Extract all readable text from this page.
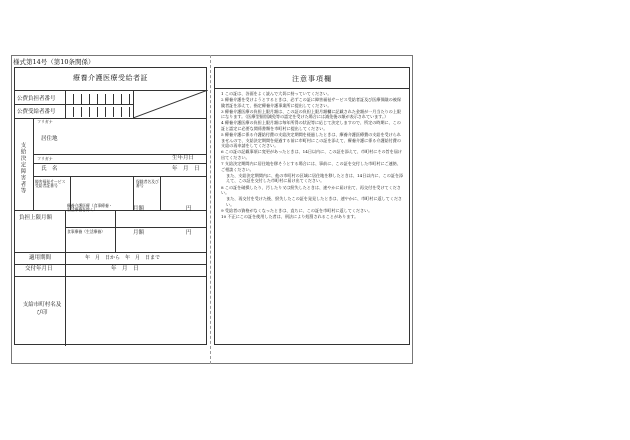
様式第14号（第10条関係）
療養介護医療受給者証
公費負担者番号
公費受給者番号
支給決定障害者等
フリガナ
居住地
フリガナ	生年月日
氏　名	年　月　日
障害福祉サービス受給者証番号
保険者名及び番号
負担上限月額
療養介護医療（食事療養・生活療養を除く）	月額	円
食事療養（生活療養）	月額	円
適用期間	年　月　日から　年　月　日まで
交付年月日	年　月　日
支給市町村名及び印
注意事項欄
1 この証は、各面をよく読んで大切に持っていてください。
2 療養介護を受けようとするときは、必ずこの証に障害福祉サービス受給者証及び医療保険の被保険者証を添えて、指定療養介護事業所に提出してください。
3 療養介護医療の負担上限月額は、この証の負担上限月額欄に記載された金額が一月当たりの上限になります。（医療型個別減免等の認定を受けた場合には減免後の額が表示されています。）
4 療養介護医療の負担上限月額は毎年所得の状況等に応じて決定しますので、所定の時期に、この証と認定に必要な関係書類を市町村に提出してください。
5 療養介護に係る介護給付費の支給決定期間を経過したときは、療養介護医療費の支給を受けられませんので、支給決定期間を経過する前に市町村にこの証を添えて、療養介護に係る介護給付費の支給の再申請をしてください。
6 この証の記載事項に変更があったときは、14日以内に、この証を添えて、市町村にその旨を届け出てください。
7 支給決定期間内に居住地を移そうとする場合には、事前に、この証を交付した市町村にご連絡、ご相談ください。
また、支給決定期間内に、他の市町村の区域に居住地を移したときは、14日以内に、この証を添えて、この証を交付した市町村に届け出てください。
8 この証を破損したり、汚したり又は紛失したときは、速やかに届け出て、再交付を受けてください。
また、再交付を受けた後、紛失したこの証を発見したときは、速やかに、市町村に返してください。
9 受給者の資格がなくなったときは、直ちに、この証を市町村に返してください。
10 不正にこの証を使用した者は、刑法により処罰されることがあります。
